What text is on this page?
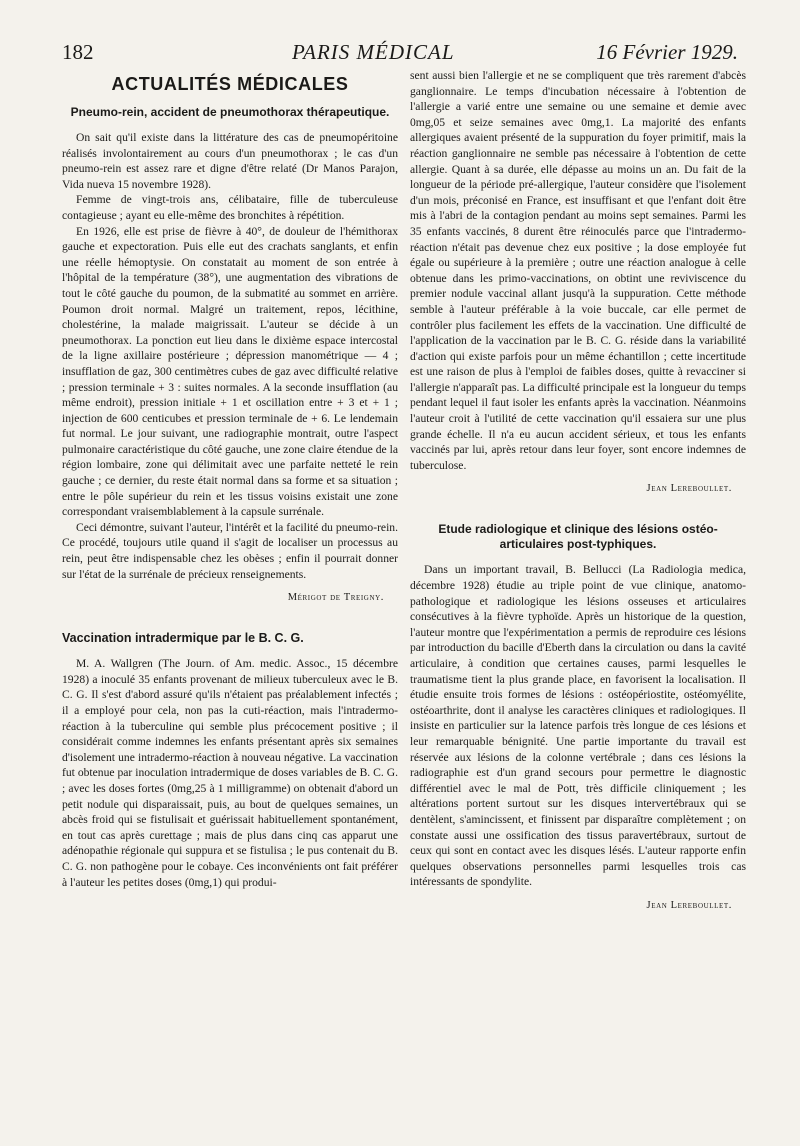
182	PARIS MÉDICAL	16 Février 1929.
ACTUALITÉS MÉDICALES
Pneumo-rein, accident de pneumothorax thérapeutique.

On sait qu'il existe dans la littérature des cas de pneumopéritoine réalisés involontairement au cours d'un pneumothorax ; le cas d'un pneumo-rein est assez rare et digne d'être relaté (Dr Manos Parajon, Vida nueva 15 novembre 1928).

Femme de vingt-trois ans, célibataire, fille de tuberculeuse contagieuse ; ayant eu elle-même des bronchites à répétition.

En 1926, elle est prise de fièvre à 40°, de douleur de l'hémithorax gauche et expectoration. Puis elle eut des crachats sanglants, et enfin une réelle hémoptysie. On constatait au moment de son entrée à l'hôpital de la température (38°), une augmentation des vibrations de tout le côté gauche du poumon, de la submatité au sommet en arrière. Poumon droit normal. Malgré un traitement, repos, lécithine, cholestérine, la malade maigrissait. L'auteur se décide à un pneumothorax. La ponction eut lieu dans le dixième espace intercostal de la ligne axillaire postérieure ; dépression manométrique — 4 ; insufflation de gaz, 300 centimètres cubes de gaz avec difficulté relative ; pression terminale + 3 : suites normales. A la seconde insufflation (au même endroit), pression initiale + 1 et oscillation entre + 3 et + 1 ; injection de 600 centicubes et pression terminale de + 6. Le lendemain fut normal. Le jour suivant, une radiographie montrait, outre l'aspect pulmonaire caractéristique du côté gauche, une zone claire étendue de la région lombaire, zone qui délimitait avec une parfaite netteté le rein gauche ; ce dernier, du reste était normal dans sa forme et sa situation ; entre le pôle supérieur du rein et les tissus voisins existait une zone correspondant vraisemblablement à la capsule surrénale.

Ceci démontre, suivant l'auteur, l'intérêt et la facilité du pneumo-rein. Ce procédé, toujours utile quand il s'agit de localiser un processus au rein, peut être indispensable chez les obèses ; enfin il pourrait donner sur l'état de la surrénale de précieux renseignements.

Mérigot de Treigny.
Vaccination intradermique par le B. C. G.

M. A. Wallgren (The Journ. of Am. medic. Assoc., 15 décembre 1928) a inoculé 35 enfants provenant de milieux tuberculeux avec le B. C. G. Il s'est d'abord assuré qu'ils n'étaient pas préalablement infectés ; il a employé pour cela, non pas la cuti-réaction, mais l'intradermo-réaction à la tuberculine qui semble plus précocement positive ; il considérait comme indemnes les enfants présentant après six semaines d'isolement une intradermo-réaction à nouveau négative. La vaccination fut obtenue par inoculation intradermique de doses variables de B. C. G. ; avec les doses fortes (0mg,25 à 1 milligramme) on obtenait d'abord un petit nodule qui disparaissait, puis, au bout de quelques semaines, un abcès froid qui se fistulisait et guérissait habituellement spontanément, en tout cas après curettage ; mais de plus dans cinq cas apparut une adénopathie régionale qui suppura et se fistulisa ; le pus contenait du B. C. G. non pathogène pour le cobaye. Ces inconvénients ont fait préférer à l'auteur les petites doses (0mg,1) qui produi-

sent aussi bien l'allergie et ne se compliquent que très rarement d'abcès ganglionnaire. Le temps d'incubation nécessaire à l'obtention de l'allergie a varié entre une semaine ou une semaine et demie avec 0mg,05 et seize semaines avec 0mg,1. La majorité des enfants allergiques avaient présenté de la suppuration du foyer primitif, mais la réaction ganglionnaire ne semble pas nécessaire à l'obtention de cette allergie. Quant à sa durée, elle dépasse au moins un an. Du fait de la longueur de la période pré-allergique, l'auteur considère que l'isolement d'un mois, préconisé en France, est insuffisant et que l'enfant doit être mis à l'abri de la contagion pendant au moins sept semaines. Parmi les 35 enfants vaccinés, 8 durent être réinoculés parce que l'intradermo-réaction n'était pas devenue chez eux positive ; la dose employée fut égale ou supérieure à la première ; outre une réaction analogue à celle obtenue dans les primo-vaccinations, on obtint une reviviscence du premier nodule vaccinal allant jusqu'à la suppuration. Cette méthode semble à l'auteur préférable à la voie buccale, car elle permet de contrôler plus facilement les effets de la vaccination. Une difficulté de l'application de la vaccination par le B. C. G. réside dans la variabilité d'action qui existe parfois pour un même échantillon ; cette incertitude est une raison de plus à l'emploi de faibles doses, quitte à revacciner si l'allergie n'apparaît pas. La difficulté principale est la longueur du temps pendant lequel il faut isoler les enfants après la vaccination. Néanmoins l'auteur croit à l'utilité de cette vaccination qu'il essaiera sur une plus grande échelle. Il n'a eu aucun accident sérieux, et tous les enfants vaccinés par lui, après retour dans leur foyer, sont encore indemnes de tuberculose.

Jean Lereboullet.
Etude radiologique et clinique des lésions ostéo-articulaires post-typhiques.

Dans un important travail, B. Bellucci (La Radiologia medica, décembre 1928) étudie au triple point de vue clinique, anatomo-pathologique et radiologique les lésions osseuses et articulaires consécutives à la fièvre typhoïde. Après un historique de la question, l'auteur montre que l'expérimentation a permis de reproduire ces lésions par introduction du bacille d'Eberth dans la circulation ou dans la cavité articulaire, à condition que certaines causes, parmi lesquelles le traumatisme tient la plus grande place, en favorisent la localisation. Il étudie ensuite trois formes de lésions : ostéopériostite, ostéomyélite, ostéoarthrite, dont il analyse les caractères cliniques et radiologiques. Il insiste en particulier sur la latence parfois très longue de ces lésions et leur remarquable bénignité. Une partie importante du travail est réservée aux lésions de la colonne vertébrale ; dans ces lésions la radiographie est d'un grand secours pour permettre le diagnostic différentiel avec le mal de Pott, très difficile cliniquement ; les altérations portent surtout sur les disques intervertébraux qui se dentèlent, s'amincissent, et finissent par disparaître complètement ; on constate aussi une ossification des tissus paravertébraux, surtout de ceux qui sont en contact avec les disques lésés. L'auteur rapporte enfin quelques observations personnelles parmi lesquelles trois cas intéressants de spondylite.

Jean Lereboullet.
